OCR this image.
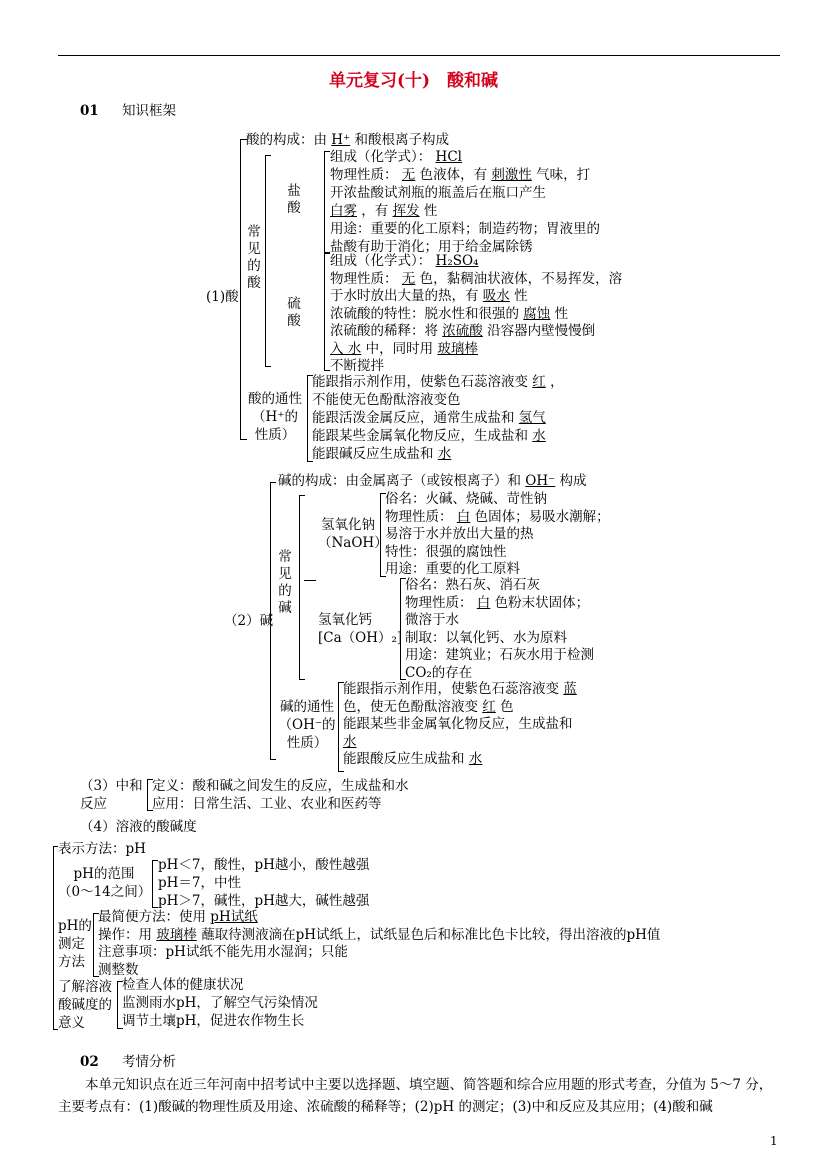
单元复习(十)　酸和碱
01 知识框架
(1)酸
酸的构成：由 H⁺ 和酸根离子构成
常见的酸
盐酸
组成（化学式）： HCl
物理性质： 无 色液体，有 刺激性 气味，打
开浓盐酸试剂瓶的瓶盖后在瓶口产生
白雾 ，有 挥发 性
用途：重要的化工原料；制造药物；胃液里的
盐酸有助于消化；用于给金属除锈
硫酸
组成（化学式）： H₂SO₄
物理性质： 无 色，黏稠油状液体，不易挥发，溶
于水时放出大量的热，有 吸水 性
浓硫酸的特性：脱水性和很强的 腐蚀 性
浓硫酸的稀释：将 浓硫酸 沿容器内壁慢慢倒
入 水 中，同时用 玻璃棒
不断搅拌
酸的通性
（H⁺的
性质）
能跟指示剂作用，使紫色石蕊溶液变 红 ，
不能使无色酚酞溶液变色
能跟活泼金属反应，通常生成盐和 氢气
能跟某些金属氧化物反应，生成盐和 水
能跟碱反应生成盐和 水
（2）碱
碱的构成：由金属离子（或铵根离子）和 OH⁻ 构成
常见的碱
氢氧化钠
（NaOH）
俗名：火碱、烧碱、苛性钠
物理性质： 白 色固体；易吸水潮解；
易溶于水并放出大量的热
特性：很强的腐蚀性
用途：重要的化工原料
氢氧化钙
[Ca（OH）₂]
俗名：熟石灰、消石灰
物理性质： 白 色粉末状固体；
微溶于水
制取：以氧化钙、水为原料
用途：建筑业；石灰水用于检测
CO₂的存在
碱的通性
（OH⁻的
性质）
能跟指示剂作用，使紫色石蕊溶液变 蓝
色，使无色酚酞溶液变 红 色
能跟某些非金属氧化物反应，生成盐和
水
能跟酸反应生成盐和 水
（3）中和
反应
定义：酸和碱之间发生的反应，生成盐和水
应用：日常生活、工业、农业和医药等
（4）溶液的酸碱度
表示方法：pH
pH的范围
（0～14之间）
pH＜7，酸性，pH越小，酸性越强
pH＝7，中性
pH＞7，碱性，pH越大，碱性越强
pH的
测定
方法
最简便方法：使用 pH试纸
操作：用 玻璃棒 蘸取待测液滴在pH试纸上，试纸显色后和标准比色卡比较，得出溶液的pH值
注意事项：pH试纸不能先用水湿润；只能
测整数
了解溶液
酸碱度的
意义
检查人体的健康状况
监测雨水pH，了解空气污染情况
调节土壤pH，促进农作物生长
02 考情分析
本单元知识点在近三年河南中招考试中主要以选择题、填空题、简答题和综合应用题的形式考查，分值为 5～7 分，主要考点有：(1)酸碱的物理性质及用途、浓硫酸的稀释等；(2)pH 的测定；(3)中和反应及其应用；(4)酸和碱
1
